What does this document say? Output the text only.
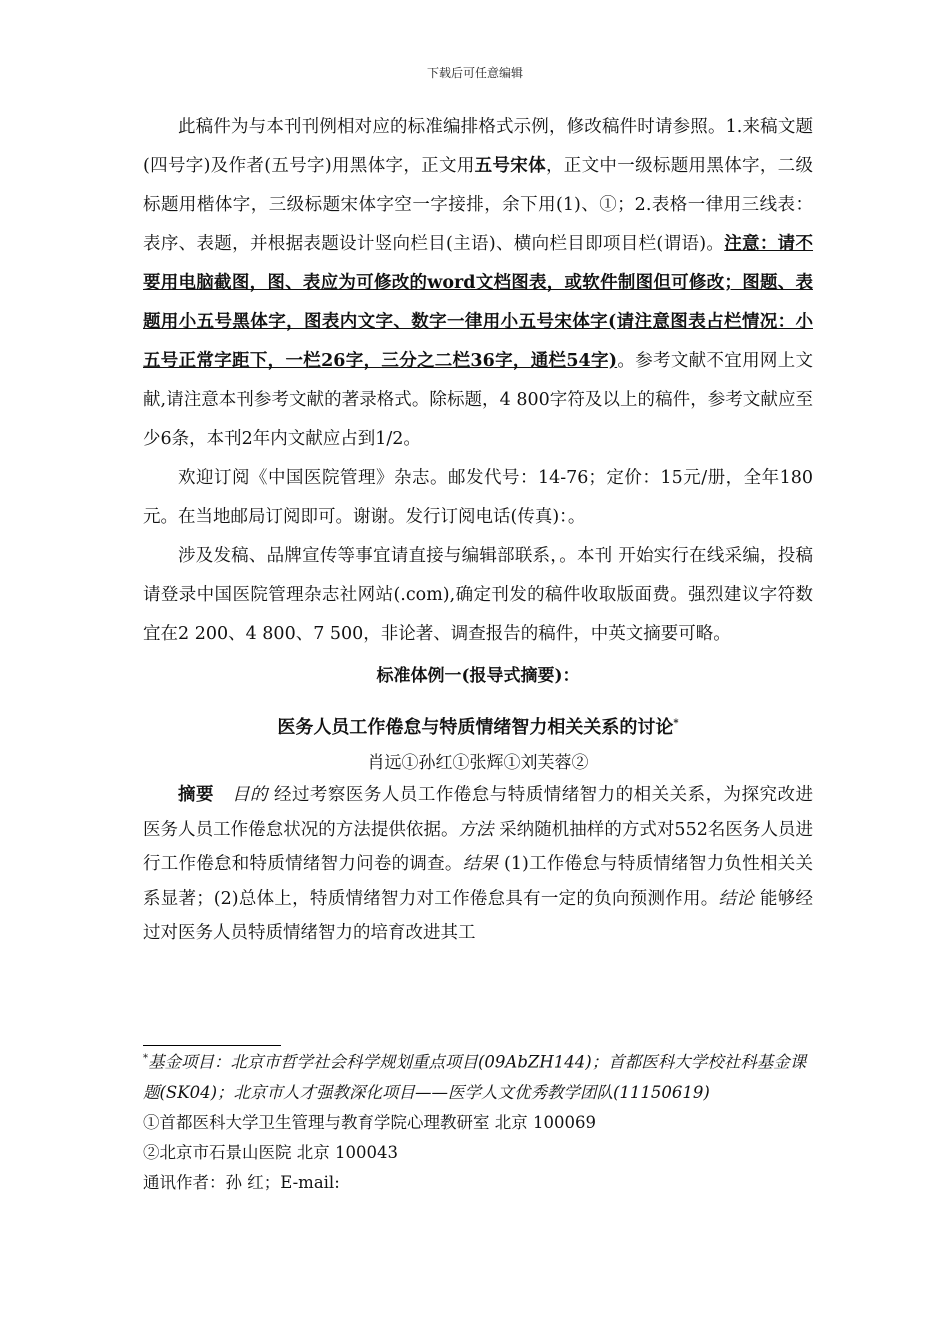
下载后可任意编辑

此稿件为与本刊刊例相对应的标准编排格式示例，修改稿件时请参照。1.来稿文题(四号字)及作者(五号字)用黑体字，正文用五号宋体，正文中一级标题用黑体字，二级标题用楷体字，三级标题宋体字空一字接排，余下用(1)、①；2.表格一律用三线表：表序、表题，并根据表题设计竖向栏目(主语)、横向栏目即项目栏(谓语)。注意：请不要用电脑截图，图、表应为可修改的word文档图表，或软件制图但可修改；图题、表题用小五号黑体字，图表内文字、数字一律用小五号宋体字(请注意图表占栏情况：小五号正常字距下，一栏26字，三分之二栏36字，通栏54字)。参考文献不宜用网上文献,请注意本刊参考文献的著录格式。除标题，4 800字符及以上的稿件，参考文献应至少6条，本刊2年内文献应占到1/2。

欢迎订阅《中国医院管理》杂志。邮发代号：14-76；定价：15元/册，全年180元。在当地邮局订阅即可。谢谢。发行订阅电话(传真)：。

涉及发稿、品牌宣传等事宜请直接与编辑部联系，。本刊 开始实行在线采编，投稿请登录中国医院管理杂志社网站(.com),确定刊发的稿件收取版面费。强烈建议字符数宜在2 200、4 800、7 500，非论著、调查报告的稿件，中英文摘要可略。

标准体例一(报导式摘要)：

医务人员工作倦怠与特质情绪智力相关关系的讨论*

肖远①孙红①张辉①刘芙蓉②

摘要　 目的 经过考察医务人员工作倦怠与特质情绪智力的相关关系，为探究改进医务人员工作倦怠状况的方法提供依据。方法 采纳随机抽样的方式对552名医务人员进行工作倦怠和特质情绪智力问卷的调查。结果 (1)工作倦怠与特质情绪智力负性相关关系显著；(2)总体上，特质情绪智力对工作倦怠具有一定的负向预测作用。结论 能够经过对医务人员特质情绪智力的培育改进其工

*基金项目：北京市哲学社会科学规划重点项目(09AbZH144)；首都医科大学校社科基金课题(SK04)；北京市人才强教深化项目——医学人文优秀教学团队(11150619)

①首都医科大学卫生管理与教育学院心理教研室 北京 100069

②北京市石景山医院 北京 100043

通讯作者：孙 红；E-mail:
